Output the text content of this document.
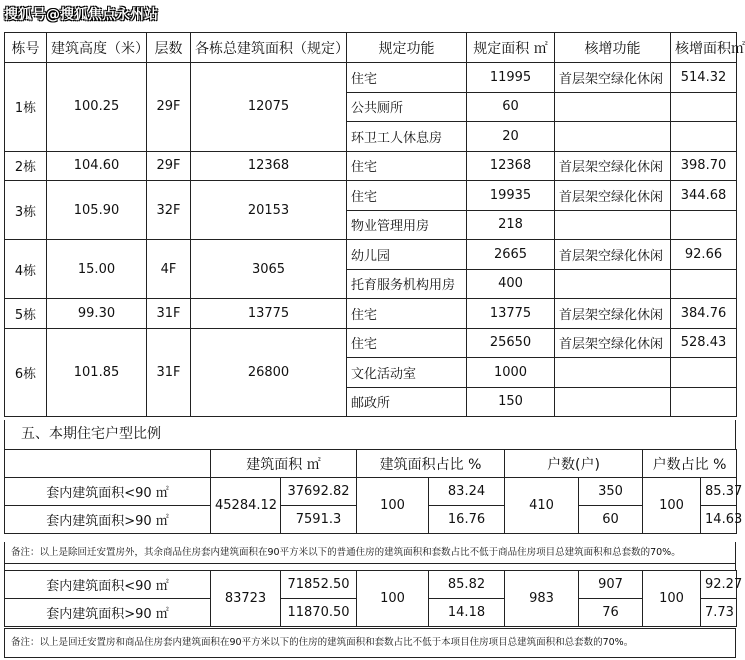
搜狐号@搜狐焦点永州站
栋号	建筑高度（米）	层数	各栋总建筑面积（规定）	规定功能	规定面积 ㎡	核增功能	核增面积㎡
1栋	100.25	29F	12075	住宅	11995	首层架空绿化休闲	514.32
				公共厕所	60		
				环卫工人休息房	20		
2栋	104.60	29F	12368	住宅	12368	首层架空绿化休闲	398.70
3栋	105.90	32F	20153	住宅	19935	首层架空绿化休闲	344.68
				物业管理用房	218		
4栋	15.00	4F	3065	幼儿园	2665	首层架空绿化休闲	92.66
				托育服务机构用房	400		
5栋	99.30	31F	13775	住宅	13775	首层架空绿化休闲	384.76
6栋	101.85	31F	26800	住宅	25650	首层架空绿化休闲	528.43
				文化活动室	1000		
				邮政所	150		
五、本期住宅户型比例
	建筑面积 ㎡		建筑面积占比 %		户数(户)		户数占比 %	
套内建筑面积<90 ㎡	45284.12	37692.82	100	83.24	410	350	100	85.37
套内建筑面积>90 ㎡		7591.3		16.76		60		14.63
备注：以上是除回迁安置房外，其余商品住房套内建筑面积在90平方米以下的普通住房的建筑面积和套数占比不低于商品住房项目总建筑面积和总套数的70%。
套内建筑面积<90 ㎡	83723	71852.50	100	85.82	983	907	100	92.27
套内建筑面积>90 ㎡		11870.50		14.18		76		7.73
备注：以上是回迁安置房和商品住房套内建筑面积在90平方米以下的住房的建筑面积和套数占比不低于本项目住房项目总建筑面积和总套数的70%。
